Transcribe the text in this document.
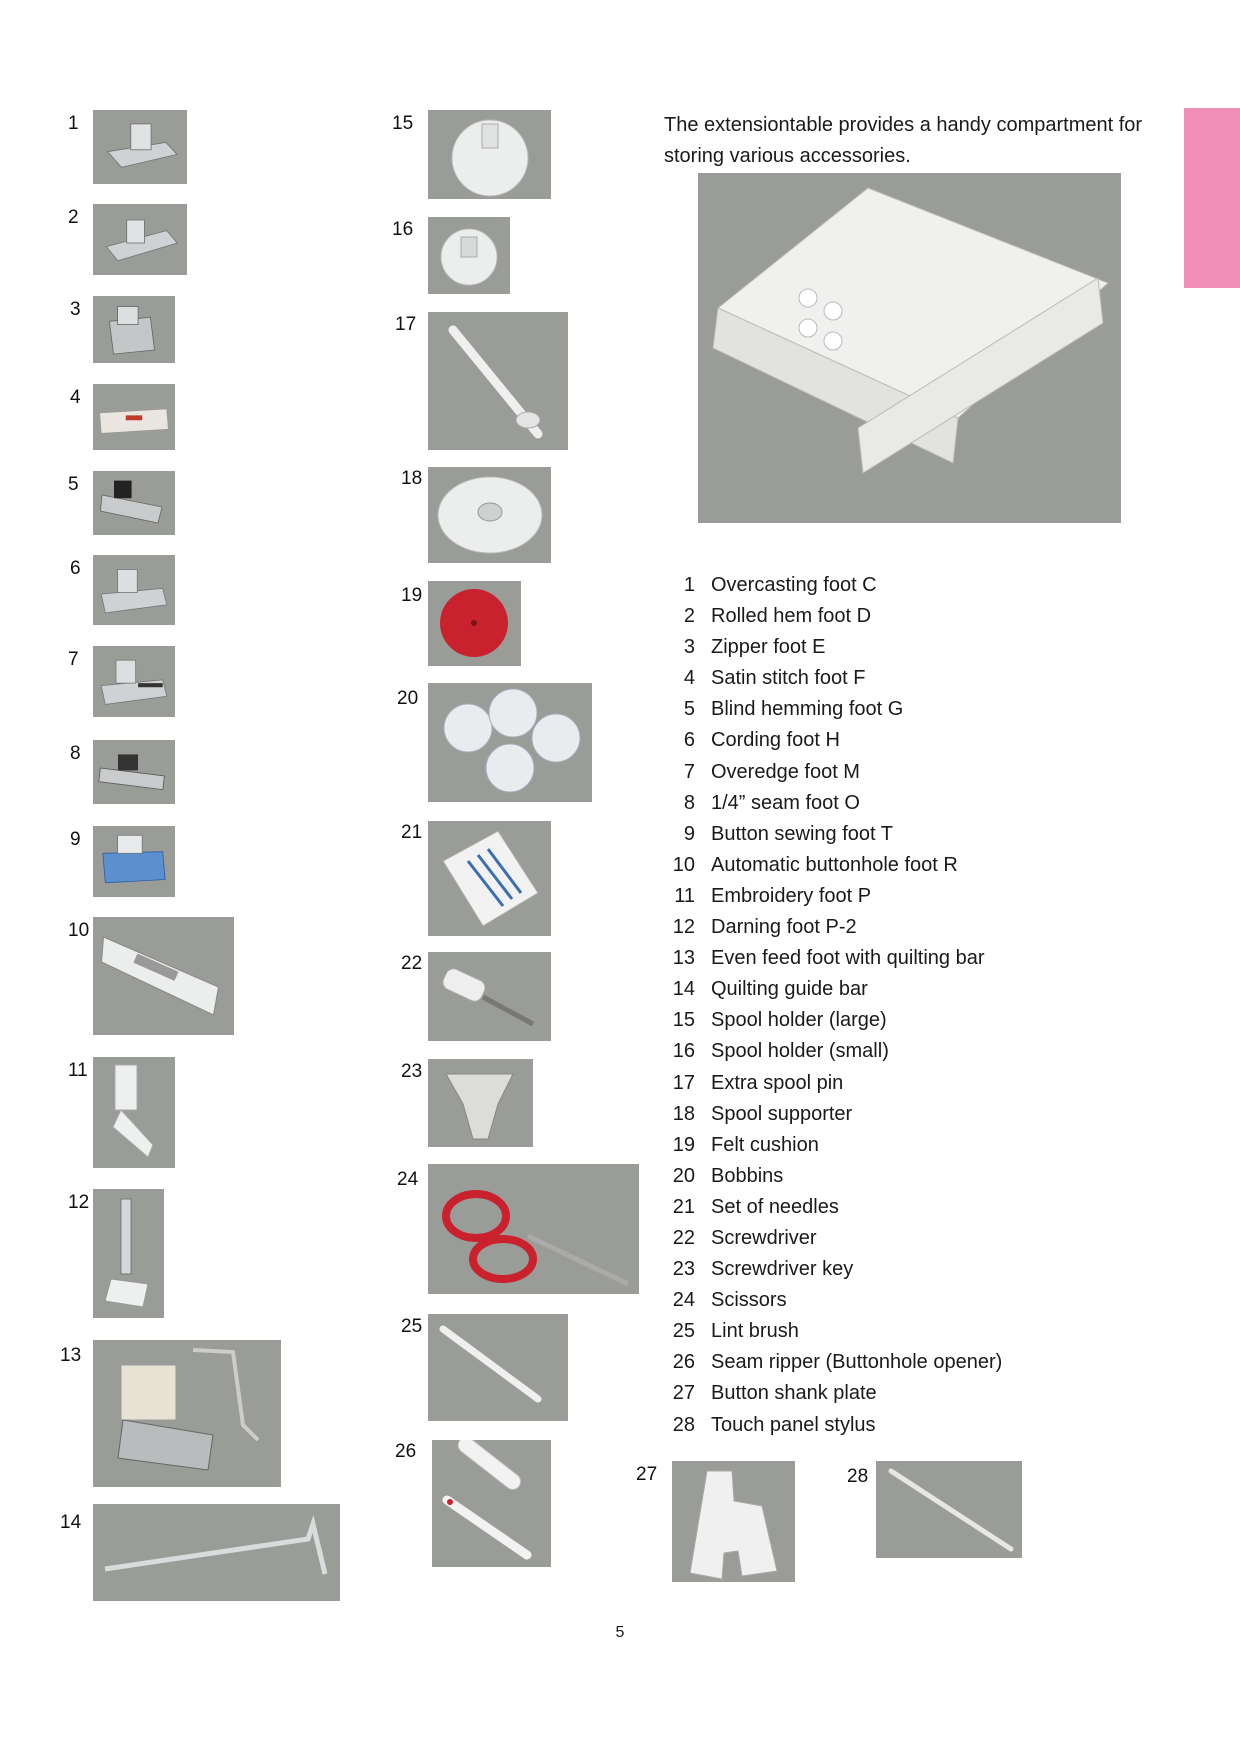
1
2
3
4
5
6
7
8
9
10
11
12
13
14
15
16
17
18
19
20
21
22
23
24
25
26
The extensiontable provides a handy compartment for storing various accessories.
1 Overcasting foot C
2 Rolled hem foot D
3 Zipper foot E
4 Satin stitch foot F
5 Blind hemming foot G
6 Cording foot H
7 Overedge foot M
8 1/4” seam foot O
9 Button sewing foot T
10 Automatic buttonhole foot R
11 Embroidery foot P
12 Darning foot P-2
13 Even feed foot with quilting bar
14 Quilting guide bar
15 Spool holder (large)
16 Spool holder (small)
17 Extra spool pin
18 Spool supporter
19 Felt cushion
20 Bobbins
21 Set of needles
22 Screwdriver
23 Screwdriver key
24 Scissors
25 Lint brush
26 Seam ripper (Buttonhole opener)
27 Button shank plate
28 Touch panel stylus
27	28
5
